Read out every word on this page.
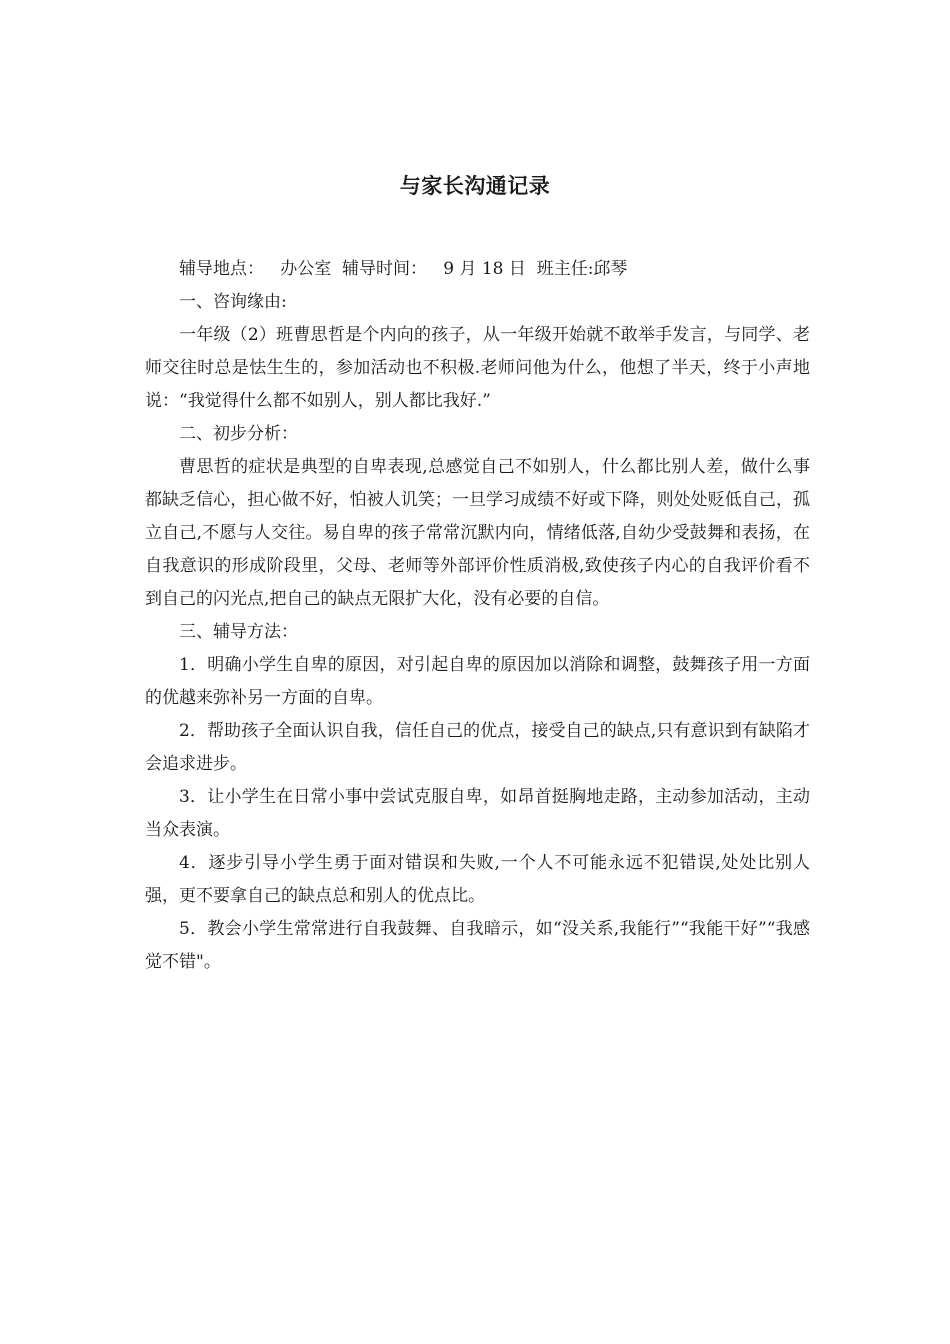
与家长沟通记录

辅导地点：   办公室  辅导时间：   9 月 18 日  班主任:邱琴

一、咨询缘由:

一年级（2）班曹思哲是个内向的孩子，从一年级开始就不敢举手发言，与同学、老师交往时总是怯生生的，参加活动也不积极.老师问他为什么，他想了半天，终于小声地说：“我觉得什么都不如别人，别人都比我好.”

二、初步分析：

曹思哲的症状是典型的自卑表现,总感觉自己不如别人，什么都比别人差，做什么事都缺乏信心，担心做不好，怕被人讥笑；一旦学习成绩不好或下降，则处处贬低自己，孤立自己,不愿与人交往。易自卑的孩子常常沉默内向，情绪低落,自幼少受鼓舞和表扬，在自我意识的形成阶段里，父母、老师等外部评价性质消极,致使孩子内心的自我评价看不到自己的闪光点,把自己的缺点无限扩大化，没有必要的自信。

三、辅导方法：

1．明确小学生自卑的原因，对引起自卑的原因加以消除和调整，鼓舞孩子用一方面的优越来弥补另一方面的自卑。

2．帮助孩子全面认识自我，信任自己的优点，接受自己的缺点,只有意识到有缺陷才会追求进步。

3．让小学生在日常小事中尝试克服自卑，如昂首挺胸地走路，主动参加活动，主动当众表演。

4．逐步引导小学生勇于面对错误和失败,一个人不可能永远不犯错误,处处比别人强，更不要拿自己的缺点总和别人的优点比。

5．教会小学生常常进行自我鼓舞、自我暗示，如“没关系,我能行”“我能干好”“我感觉不错"。
